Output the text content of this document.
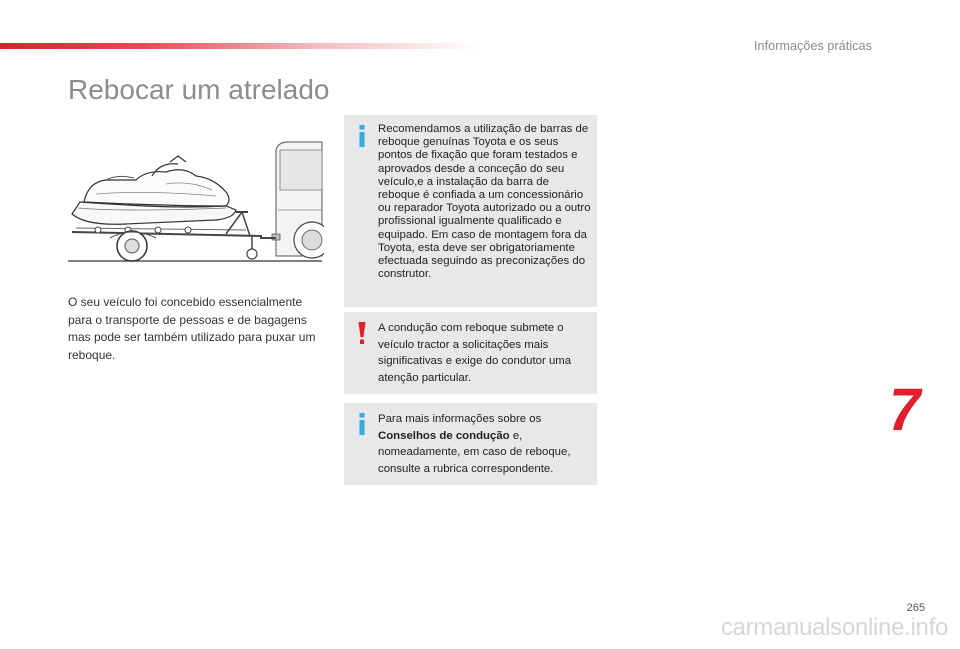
Informações práticas
Rebocar um atrelado

O seu veículo foi concebido essencialmente para o transporte de pessoas e de bagagens mas pode ser também utilizado para puxar um reboque.

Recomendamos a utilização de barras de reboque genuínas Toyota e os seus pontos de fixação que foram testados e aprovados desde a conceção do seu veículo,e a instalação da barra de reboque é confiada a um concessionário ou reparador Toyota autorizado ou a outro profissional igualmente qualificado e equipado. Em caso de montagem fora da Toyota, esta deve ser obrigatoriamente efectuada seguindo as preconizações do construtor.
A condução com reboque submete o veículo tractor a solicitações mais significativas e exige do condutor uma atenção particular.
Para mais informações sobre os Conselhos de condução e, nomeadamente, em caso de reboque, consulte a rubrica correspondente.
7
265
carmanualsonline.info
